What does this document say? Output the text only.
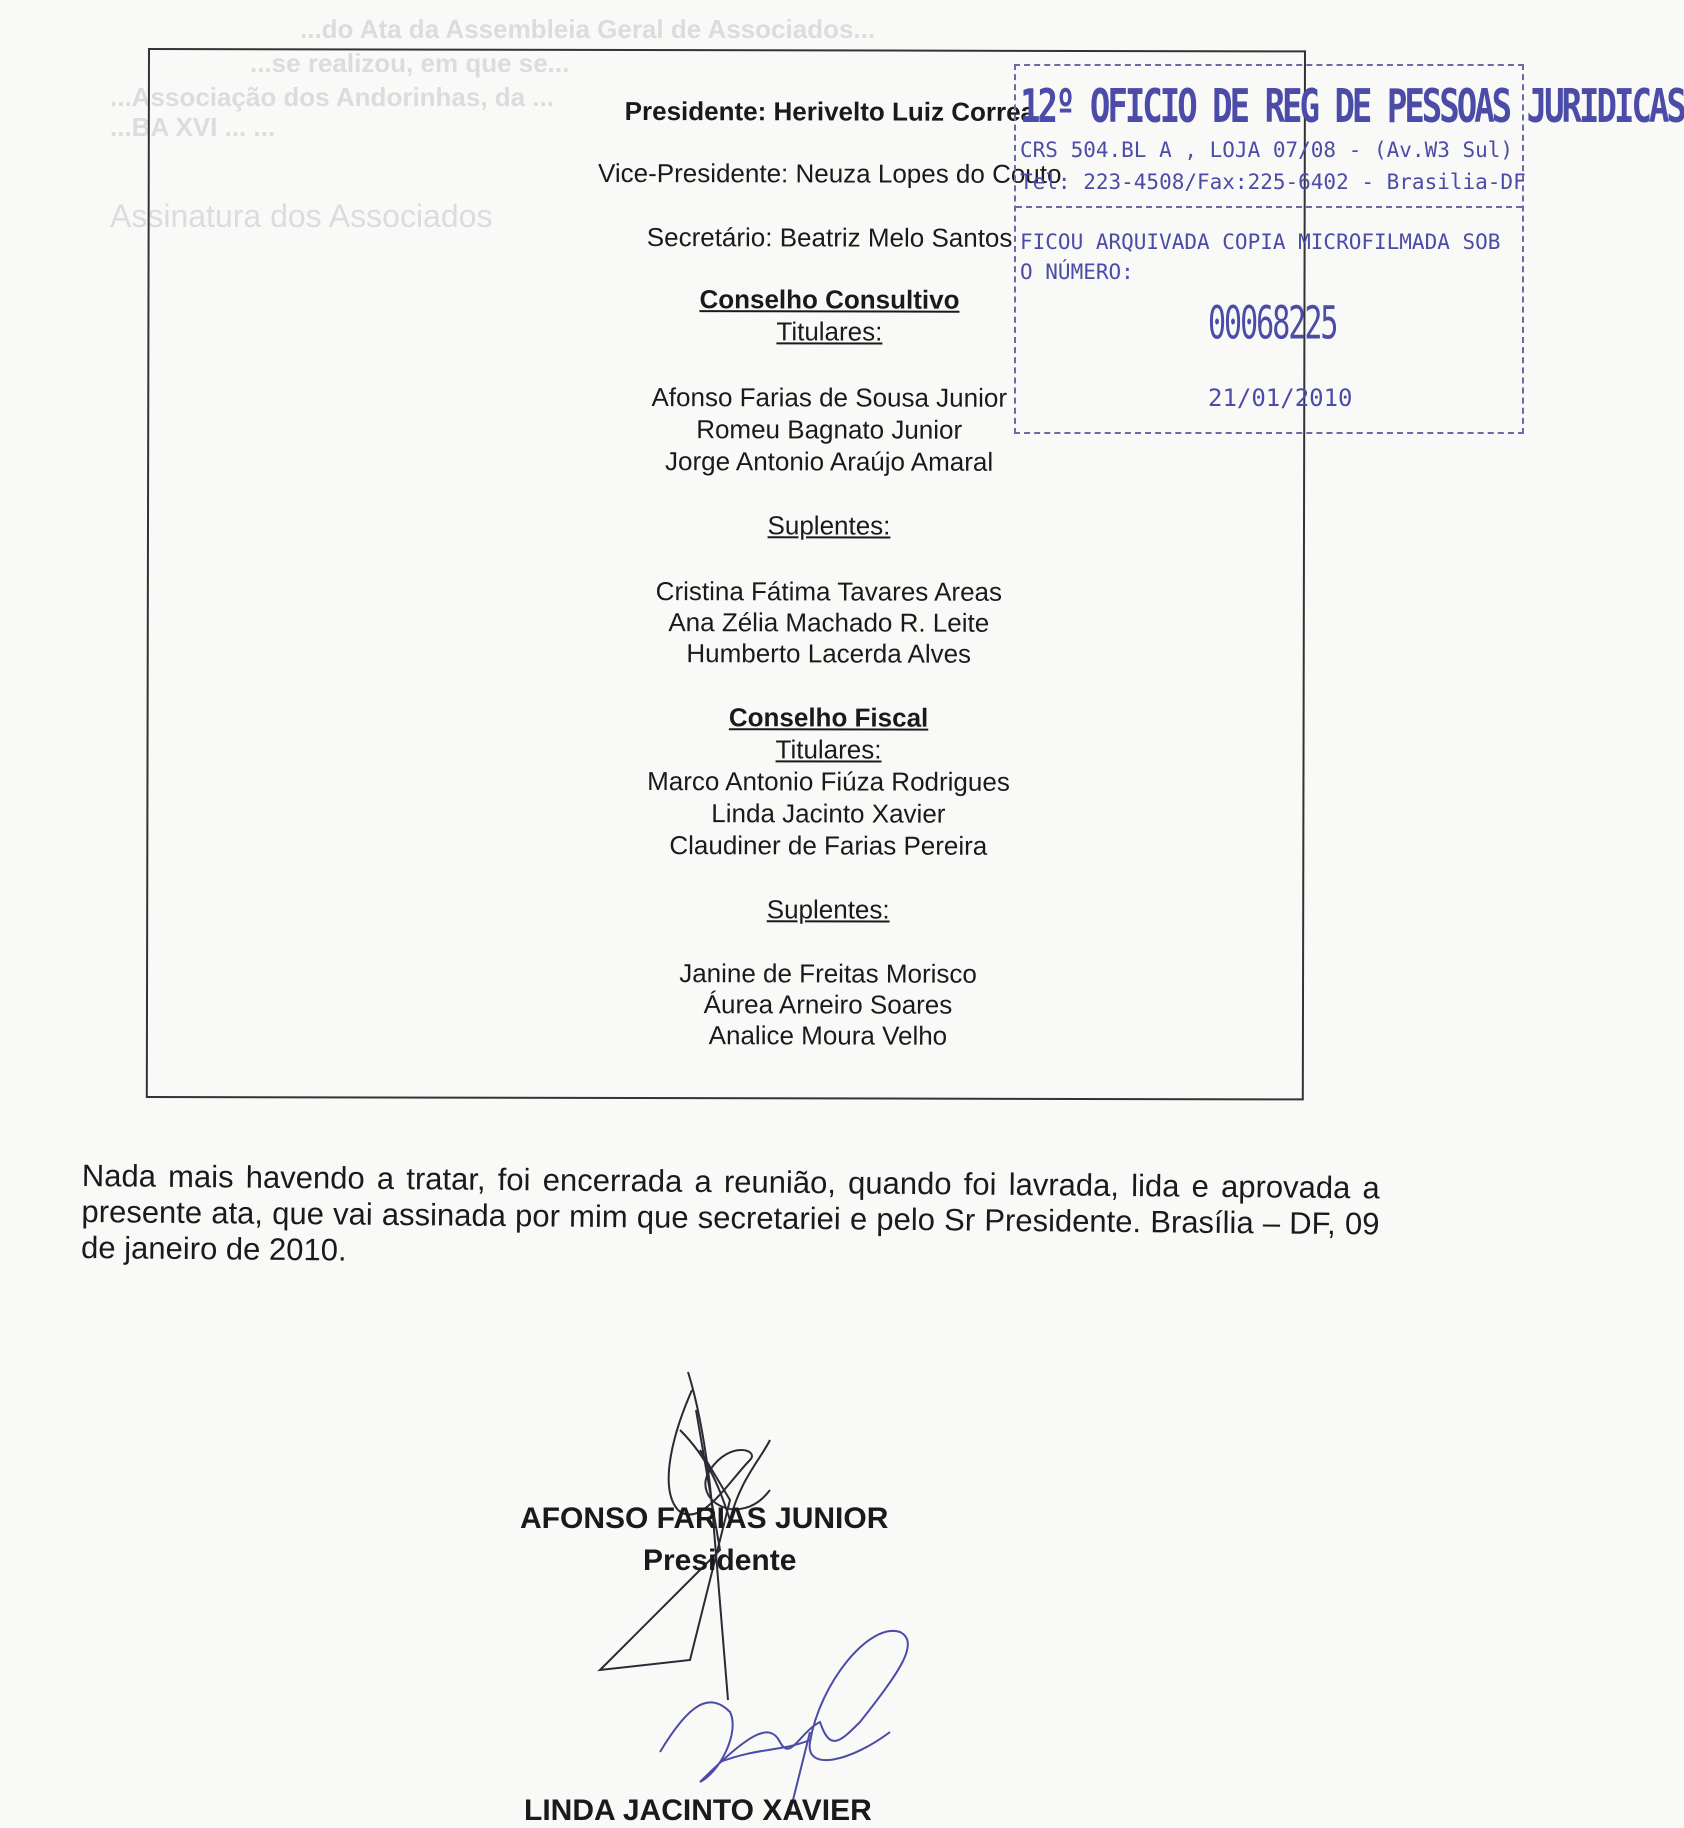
...do Ata da Assembleia Geral de Associados...
...se realizou, em que se...
...Associação dos Andorinhas, da ...
...BA XVI ... ...
Assinatura dos Associados

Presidente: Herivelto Luiz Correa

Vice-Presidente: Neuza Lopes do Couto

Secretário: Beatriz Melo Santos

Conselho Consultivo

Titulares:

Afonso Farias de Sousa Junior

Romeu Bagnato Junior

Jorge Antonio Araújo Amaral

Suplentes:

Cristina Fátima Tavares Areas

Ana Zélia Machado R. Leite

Humberto Lacerda Alves

Conselho Fiscal

Titulares:

Marco Antonio Fiúza Rodrigues

Linda Jacinto Xavier

Claudiner de Farias Pereira

Suplentes:

Janine de Freitas Morisco

Áurea Arneiro Soares

Analice Moura Velho

12º OFICIO DE REG DE PESSOAS JURIDICAS
CRS 504.BL A , LOJA 07/08 - (Av.W3 Sul)
Tel: 223-4508/Fax:225-6402 - Brasilia-DF
FICOU ARQUIVADA COPIA MICROFILMADA SOB
O NÚMERO:
00068225
21/01/2010

Nada mais havendo a tratar, foi encerrada a reunião, quando foi lavrada, lida e aprovada a presente ata, que vai assinada por mim que secretariei e pelo Sr Presidente. Brasília – DF, 09 de janeiro de 2010.

AFONSO FARIAS JUNIOR
Presidente
LINDA JACINTO XAVIER
